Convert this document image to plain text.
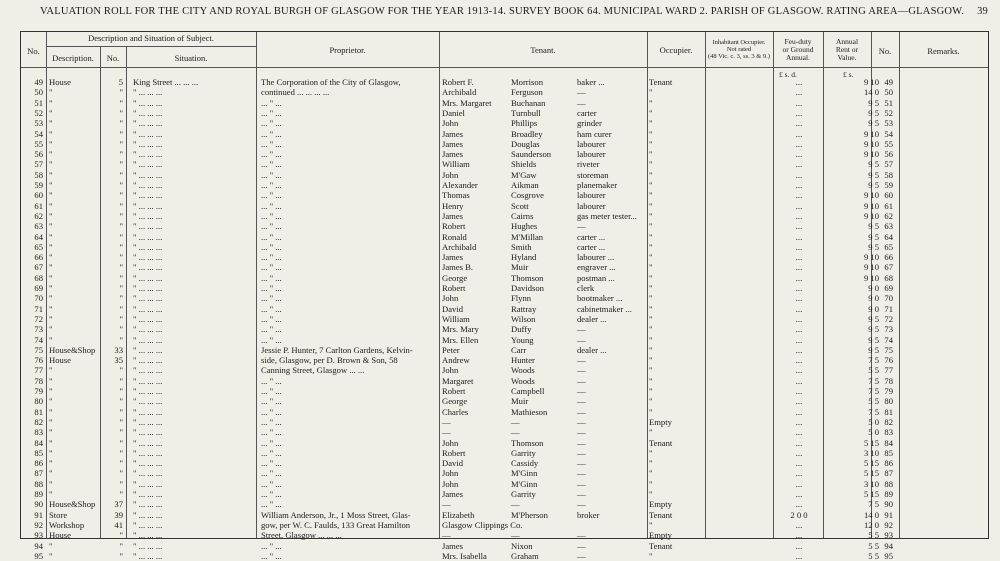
VALUATION ROLL FOR THE CITY AND ROYAL BURGH OF GLASGOW FOR THE YEAR 1913-14. SURVEY BOOK 64. MUNICIPAL WARD 2. PARISH OF GLASGOW. RATING AREA—GLASGOW. 39
No.
Description and Situation of Subject.
Description.	No.	Situation.
Proprietor.	Tenant.	Occupier.
Inhabitant Occupier.
Not rated
(48 Vic. c. 3, ss. 3 & 9.)
Feu-duty
or Ground
Annual.
Annual
Rent or
Value.
No.	Remarks.
£ s. d.	£ s.
49 House	5 King Street ... ... ...	The Corporation of the City of Glasgow,	Robert F.	Morrison	baker ...	Tenant	...	9 10 49
50 "	" " ... ... ...	continued ... ... ... ...	Archibald	Ferguson	—	"	...	14 0 50
51 "	" " ... ... ...	... " ...	Mrs. Margaret Buchanan	—	"	...	9 5 51
52 "	" " ... ... ...	... " ...	Daniel	Turnbull	carter	"	...	9 5 52
53 "	" " ... ... ...	... " ...	John	Phillips	grinder	"	...	9 5 53
54 "	" " ... ... ...	... " ...	James	Broadley	ham curer	"	...	9 10 54
55 "	" " ... ... ...	... " ...	James	Douglas	labourer	"	...	9 10 55
56 "	" " ... ... ...	... " ...	James	Saunderson	labourer	"	...	9 10 56
57 "	" " ... ... ...	... " ...	William	Shields	riveter	"	...	9 5 57
58 "	" " ... ... ...	... " ...	John	M'Gaw	storeman	"	...	9 5 58
59 "	" " ... ... ...	... " ...	Alexander	Aikman	planemaker	"	...	9 5 59
60 "	" " ... ... ...	... " ...	Thomas	Cosgrove	labourer	"	...	9 10 60
61 "	" " ... ... ...	... " ...	Henry	Scott	labourer	"	...	9 10 61
62 "	" " ... ... ...	... " ...	James	Cairns	gas meter tester... "	...	9 10 62
63 "	" " ... ... ...	... " ...	Robert	Hughes	—	"	...	9 5 63
64 "	" " ... ... ...	... " ...	Ronald	M'Millan	carter ...	"	...	9 5 64
65 "	" " ... ... ...	... " ...	Archibald	Smith	carter ...	"	...	9 5 65
66 "	" " ... ... ...	... " ...	James	Hyland	labourer ...	"	...	9 10 66
67 "	" " ... ... ...	... " ...	James B.	Muir	engraver ...	"	...	9 10 67
68 "	" " ... ... ...	... " ...	George	Thomson	postman ...	"	...	9 10 68
69 "	" " ... ... ...	... " ...	Robert	Davidson	clerk	"	...	9 0 69
70 "	" " ... ... ...	... " ...	John	Flynn	bootmaker ...	"	...	9 0 70
71 "	" " ... ... ...	... " ...	David	Rattray	cabinetmaker ... "	...	9 0 71
72 "	" " ... ... ...	... " ...	William	Wilson	dealer ...	"	...	9 5 72
73 "	" " ... ... ...	... " ...	Mrs. Mary	Duffy	—	"	...	9 5 73
74 "	" " ... ... ...	... " ...	Mrs. Ellen	Young	—	"	...	9 5 74
75 House&Shop	33 " ... ... ...	Jessie P. Hunter, 7 Carlton Gardens, Kelvin-	Peter	Carr	dealer ...	"	...	9 5 75
76 House	35 " ... ... ...	side, Glasgow, per D. Brown & Son, 58	Andrew	Hunter	—	"	...	7 5 76
77 "	" " ... ... ...	Canning Street, Glasgow ... ...	John	Woods	—	"	...	5 5 77
78 "	" " ... ... ...	... " ...	Margaret	Woods	—	"	...	7 5 78
79 "	" " ... ... ...	... " ...	Robert	Campbell	—	"	...	7 5 79
80 "	" " ... ... ...	... " ...	George	Muir	—	"	...	5 5 80
81 "	" " ... ... ...	... " ...	Charles	Mathieson	—	"	...	7 5 81
82 "	" " ... ... ...	... " ...	—	—	—	Empty	...	5 0 82
83 "	" " ... ... ...	... " ...	—	—	—	"	...	5 0 83
84 "	" " ... ... ...	... " ...	John	Thomson	—	Tenant	...	5 15 84
85 "	" " ... ... ...	... " ...	Robert	Garrity	—	"	...	3 10 85
86 "	" " ... ... ...	... " ...	David	Cassidy	—	"	...	5 15 86
87 "	" " ... ... ...	... " ...	John	M'Ginn	—	"	...	5 15 87
88 "	" " ... ... ...	... " ...	John	M'Ginn	—	"	...	3 10 88
89 "	" " ... ... ...	... " ...	James	Garrity	—	"	...	5 15 89
90 House&Shop	37 " ... ... ...	... " ...	—	—	—	Empty	...	7 5 90
91 Store	39 " ... ... ...	William Anderson, Jr., 1 Moss Street, Glas-	Elizabeth	M'Pherson	broker	Tenant	2 0 0	14 0 91
92 Workshop	41 " ... ... ...	gow, per W. C. Faulds, 133 Great Hamilton	Glasgow Clippings Co.	"	...	12 0 92
93 House	" " ... ... ...	Street, Glasgow ... ... ...	—	—	—	Empty	...	5 5 93
94 "	" " ... ... ...	... " ...	James	Nixon	—	Tenant	...	5 5 94
95 "	" " ... ... ...	... " ...	Mrs. Isabella	Graham	—	"	...	5 5 95
